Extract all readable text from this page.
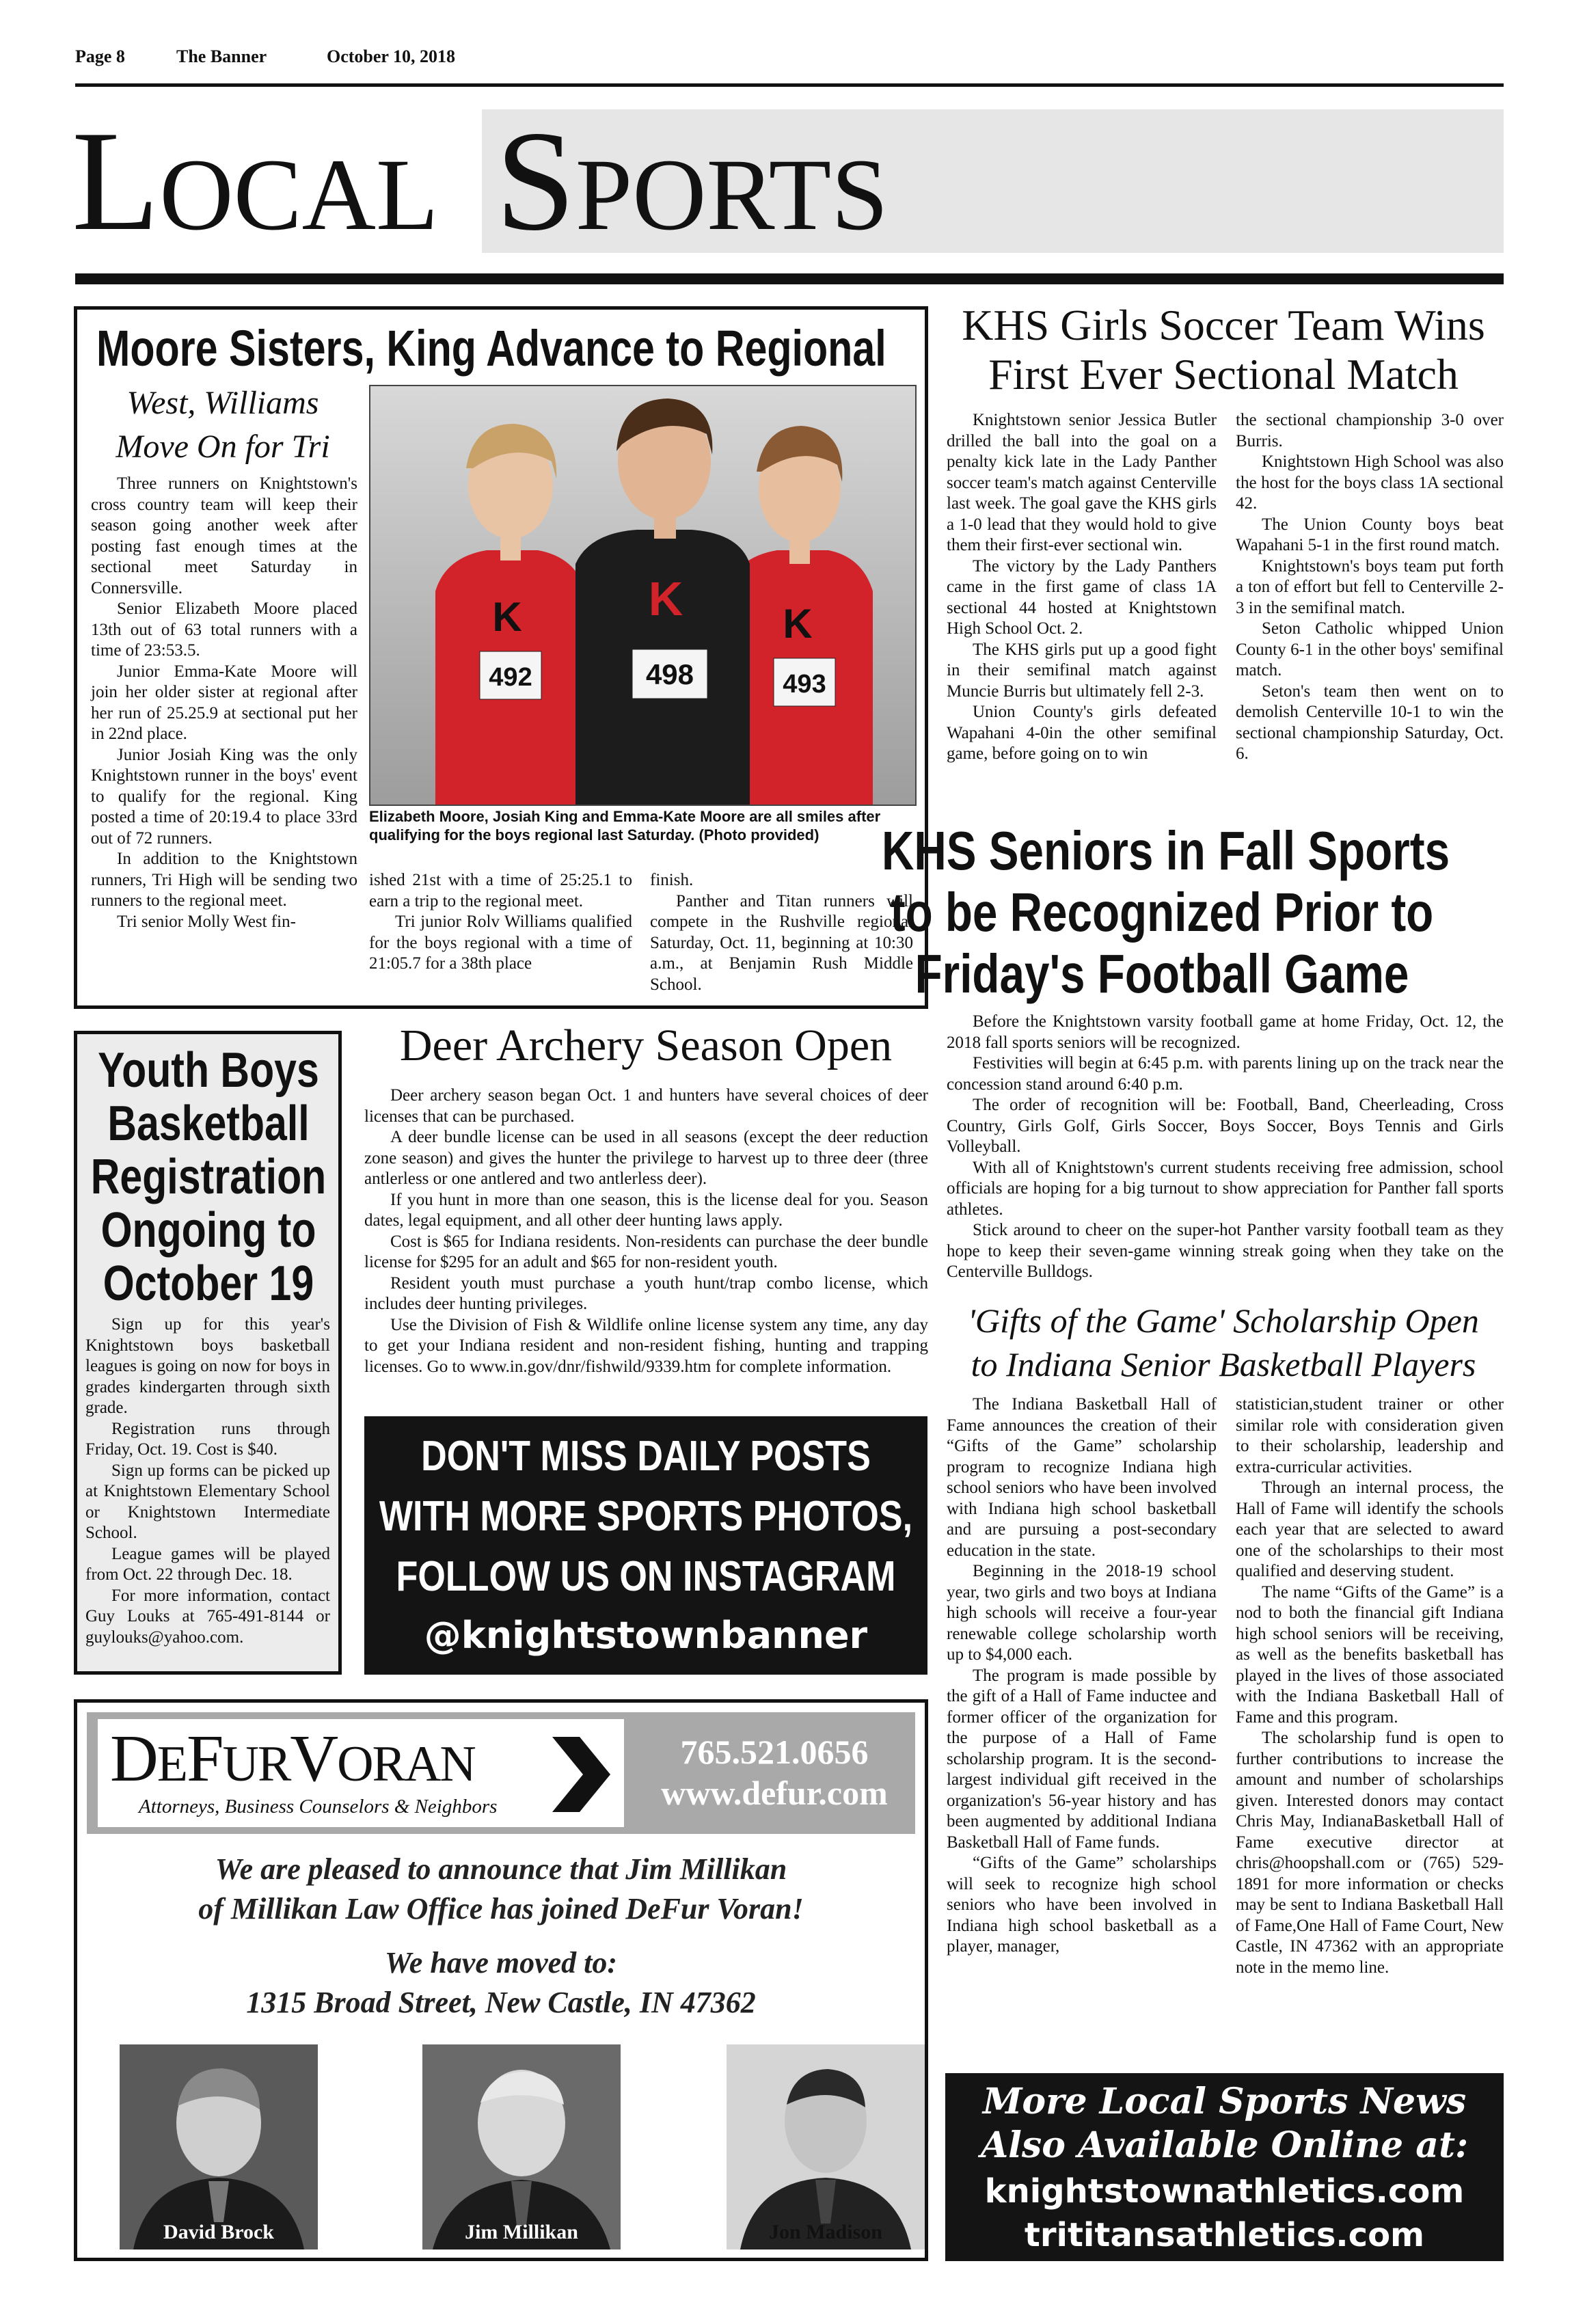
Page 8	The Banner	October 10, 2018
LOCAL SPORTS
Moore Sisters, King Advance to Regional
West, Williams Move On for Tri

Three runners on Knightstown's cross country team will keep their season going another week after posting fast enough times at the sectional meet Saturday in Connersville.

Senior Elizabeth Moore placed 13th out of 63 total runners with a time of 23:53.5.

Junior Emma-Kate Moore will join her older sister at regional after her run of 25.25.9 at sectional put her in 22nd place.

Junior Josiah King was the only Knightstown runner in the boys' event to qualify for the regional. King posted a time of 20:19.4 to place 33rd out of 72 runners.

In addition to the Knightstown runners, Tri High will be sending two runners to the regional meet.

Tri senior Molly West fin-

K	K K
492	498	493
Elizabeth Moore, Josiah King and Emma-Kate Moore are all smiles after qualifying for the boys regional last Saturday. (Photo provided)

ished 21st with a time of 25:25.1 to earn a trip to the regional meet.

Tri junior Rolv Williams qualified for the boys regional with a time of 21:05.7 for a 38th place

finish.

Panther and Titan runners will compete in the Rushville regional Saturday, Oct. 11, beginning at 10:30 a.m., at Benjamin Rush Middle School.

KHS Girls Soccer Team Wins
First Ever Sectional Match

Knightstown senior Jessica Butler drilled the ball into the goal on a penalty kick late in the Lady Panther soccer team's match against Centerville last week. The goal gave the KHS girls a 1-0 lead that they would hold to give them their first-ever sectional win.

The victory by the Lady Panthers came in the first game of class 1A sectional 44 hosted at Knightstown High School Oct. 2.

The KHS girls put up a good fight in their semifinal match against Muncie Burris but ultimately fell 2-3.

Union County's girls defeated Wapahani 4-0in the other semifinal game, before going on to win

the sectional championship 3-0 over Burris.

Knightstown High School was also the host for the boys class 1A sectional 42.

The Union County boys beat Wapahani 5-1 in the first round match.

Knightstown's boys team put forth a ton of effort but fell to Centerville 2-3 in the semifinal match.

Seton Catholic whipped Union County 6-1 in the other boys' semifinal match.

Seton's team then went on to demolish Centerville 10-1 to win the sectional championship Saturday, Oct. 6.

KHS Seniors in Fall Sports
to be Recognized Prior to
Friday's Football Game

Before the Knightstown varsity football game at home Friday, Oct. 12, the 2018 fall sports seniors will be recognized.

Festivities will begin at 6:45 p.m. with parents lining up on the track near the concession stand around 6:40 p.m.

The order of recognition will be: Football, Band, Cheerleading, Cross Country, Girls Golf, Girls Soccer, Boys Soccer, Boys Tennis and Girls Volleyball.

With all of Knightstown's current students receiving free admission, school officials are hoping for a big turnout to show appreciation for Panther fall sports athletes.

Stick around to cheer on the super-hot Panther varsity football team as they hope to keep their seven-game winning streak going when they take on the Centerville Bulldogs.

Youth Boys
Basketball
Registration
Ongoing to
October 19

Sign up for this year's Knightstown boys basketball leagues is going on now for boys in grades kindergarten through sixth grade.

Registration runs through Friday, Oct. 19. Cost is $40.

Sign up forms can be picked up at Knightstown Elementary School or Knightstown Intermediate School.

League games will be played from Oct. 22 through Dec. 18.

For more information, contact Guy Louks at 765-491-8144 or guylouks@yahoo.com.

Deer Archery Season Open

Deer archery season began Oct. 1 and hunters have several choices of deer licenses that can be purchased.

A deer bundle license can be used in all seasons (except the deer reduction zone season) and gives the hunter the privilege to harvest up to three deer (three antlerless or one antlered and two antlerless deer).

If you hunt in more than one season, this is the license deal for you. Season dates, legal equipment, and all other deer hunting laws apply.

Cost is $65 for Indiana residents. Non-residents can purchase the deer bundle license for $295 for an adult and $65 for non-resident youth.

Resident youth must purchase a youth hunt/trap combo license, which includes deer hunting privileges.

Use the Division of Fish & Wildlife online license system any time, any day to get your Indiana resident and non-resident fishing, hunting and trapping licenses. Go to www.in.gov/dnr/fishwild/9339.htm for complete information.

DON'T MISS DAILY POSTS
WITH MORE SPORTS PHOTOS,
FOLLOW US ON INSTAGRAM
@knightstownbanner
DEFURVORAN
Attorneys, Business Counselors & Neighbors
765.521.0656
www.defur.com
We are pleased to announce that Jim Millikan
of Millikan Law Office has joined DeFur Voran!
We have moved to:
1315 Broad Street, New Castle, IN 47362
David Brock	Jim Millikan	Jon Madison
'Gifts of the Game' Scholarship Open
to Indiana Senior Basketball Players

The Indiana Basketball Hall of Fame announces the creation of their “Gifts of the Game” scholarship program to recognize Indiana high school seniors who have been involved with Indiana high school basketball and are pursuing a post-secondary education in the state.

Beginning in the 2018-19 school year, two girls and two boys at Indiana high schools will receive a four-year renewable college scholarship worth up to $4,000 each.

The program is made possible by the gift of a Hall of Fame inductee and former officer of the organization for the purpose of a Hall of Fame scholarship program. It is the second-largest individual gift received in the organization's 56-year history and has been augmented by additional Indiana Basketball Hall of Fame funds.

“Gifts of the Game” scholarships will seek to recognize high school seniors who have been involved in Indiana high school basketball as a player, manager,

statistician,student trainer or other similar role with consideration given to their scholarship, leadership and extra-curricular activities.

Through an internal process, the Hall of Fame will identify the schools each year that are selected to award one of the scholarships to their most qualified and deserving student.

The name “Gifts of the Game” is a nod to both the financial gift Indiana high school seniors will be receiving, as well as the benefits basketball has played in the lives of those associated with the Indiana Basketball Hall of Fame and this program.

The scholarship fund is open to further contributions to increase the amount and number of scholarships given. Interested donors may contact Chris May, IndianaBasketball Hall of Fame executive director at chris@hoopshall.com or (765) 529-1891 for more information or checks may be sent to Indiana Basketball Hall of Fame,One Hall of Fame Court, New Castle, IN 47362 with an appropriate note in the memo line.

More Local Sports News
Also Available Online at:
knightstownathletics.com
trititansathletics.com
